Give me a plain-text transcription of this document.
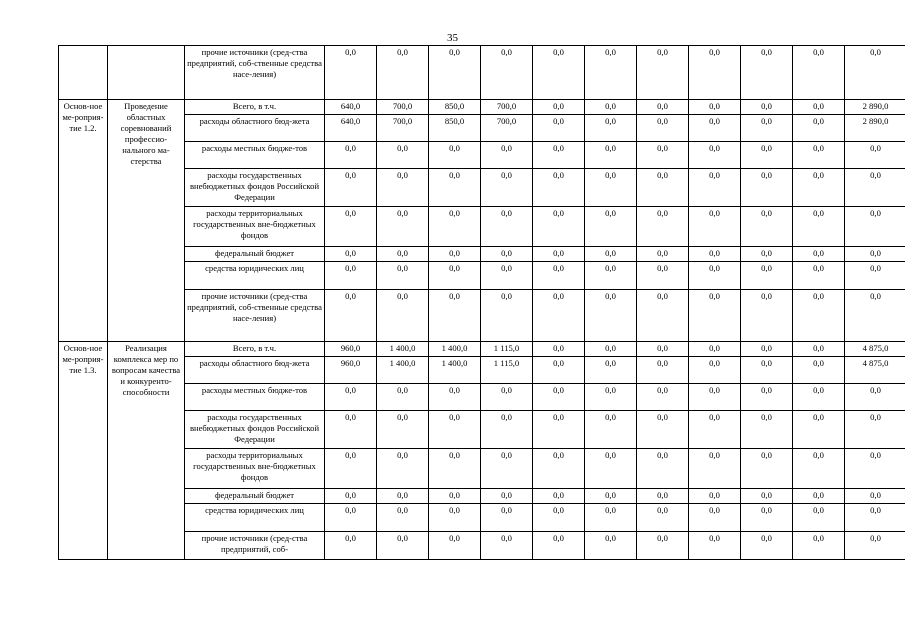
35
		прочие источники (сред-ства предприятий, соб-ственные средства насе-ления)	0,0	0,0	0,0	0,0	0,0	0,0	0,0	0,0	0,0	0,0	0,0
Основ-ное ме-роприя-тие 1.2.	Проведение областных соревнований профессио-нального ма-стерства	Всего, в т.ч.	640,0	700,0	850,0	700,0	0,0	0,0	0,0	0,0	0,0	0,0	2 890,0
		расходы областного бюд-жета	640,0	700,0	850,0	700,0	0,0	0,0	0,0	0,0	0,0	0,0	2 890,0
		расходы местных бюдже-тов	0,0	0,0	0,0	0,0	0,0	0,0	0,0	0,0	0,0	0,0	0,0
		расходы государственных внебюджетных фондов Российской Федерации	0,0	0,0	0,0	0,0	0,0	0,0	0,0	0,0	0,0	0,0	0,0
		расходы территориальных государственных вне-бюджетных фондов	0,0	0,0	0,0	0,0	0,0	0,0	0,0	0,0	0,0	0,0	0,0
		федеральный бюджет	0,0	0,0	0,0	0,0	0,0	0,0	0,0	0,0	0,0	0,0	0,0
		средства юридических лиц	0,0	0,0	0,0	0,0	0,0	0,0	0,0	0,0	0,0	0,0	0,0
		прочие источники (сред-ства предприятий, соб-ственные средства насе-ления)	0,0	0,0	0,0	0,0	0,0	0,0	0,0	0,0	0,0	0,0	0,0
Основ-ное ме-роприя-тие 1.3.	Реализация комплекса мер по вопросам качества и конкуренто-способности	Всего, в т.ч.	960,0	1 400,0	1 400,0	1 115,0	0,0	0,0	0,0	0,0	0,0	0,0	4 875,0
		расходы областного бюд-жета	960,0	1 400,0	1 400,0	1 115,0	0,0	0,0	0,0	0,0	0,0	0,0	4 875,0
		расходы местных бюдже-тов	0,0	0,0	0,0	0,0	0,0	0,0	0,0	0,0	0,0	0,0	0,0
		расходы государственных внебюджетных фондов Российской Федерации	0,0	0,0	0,0	0,0	0,0	0,0	0,0	0,0	0,0	0,0	0,0
		расходы территориальных государственных вне-бюджетных фондов	0,0	0,0	0,0	0,0	0,0	0,0	0,0	0,0	0,0	0,0	0,0
		федеральный бюджет	0,0	0,0	0,0	0,0	0,0	0,0	0,0	0,0	0,0	0,0	0,0
		средства юридических лиц	0,0	0,0	0,0	0,0	0,0	0,0	0,0	0,0	0,0	0,0	0,0
		прочие источники (сред-ства предприятий, соб-	0,0	0,0	0,0	0,0	0,0	0,0	0,0	0,0	0,0	0,0	0,0
